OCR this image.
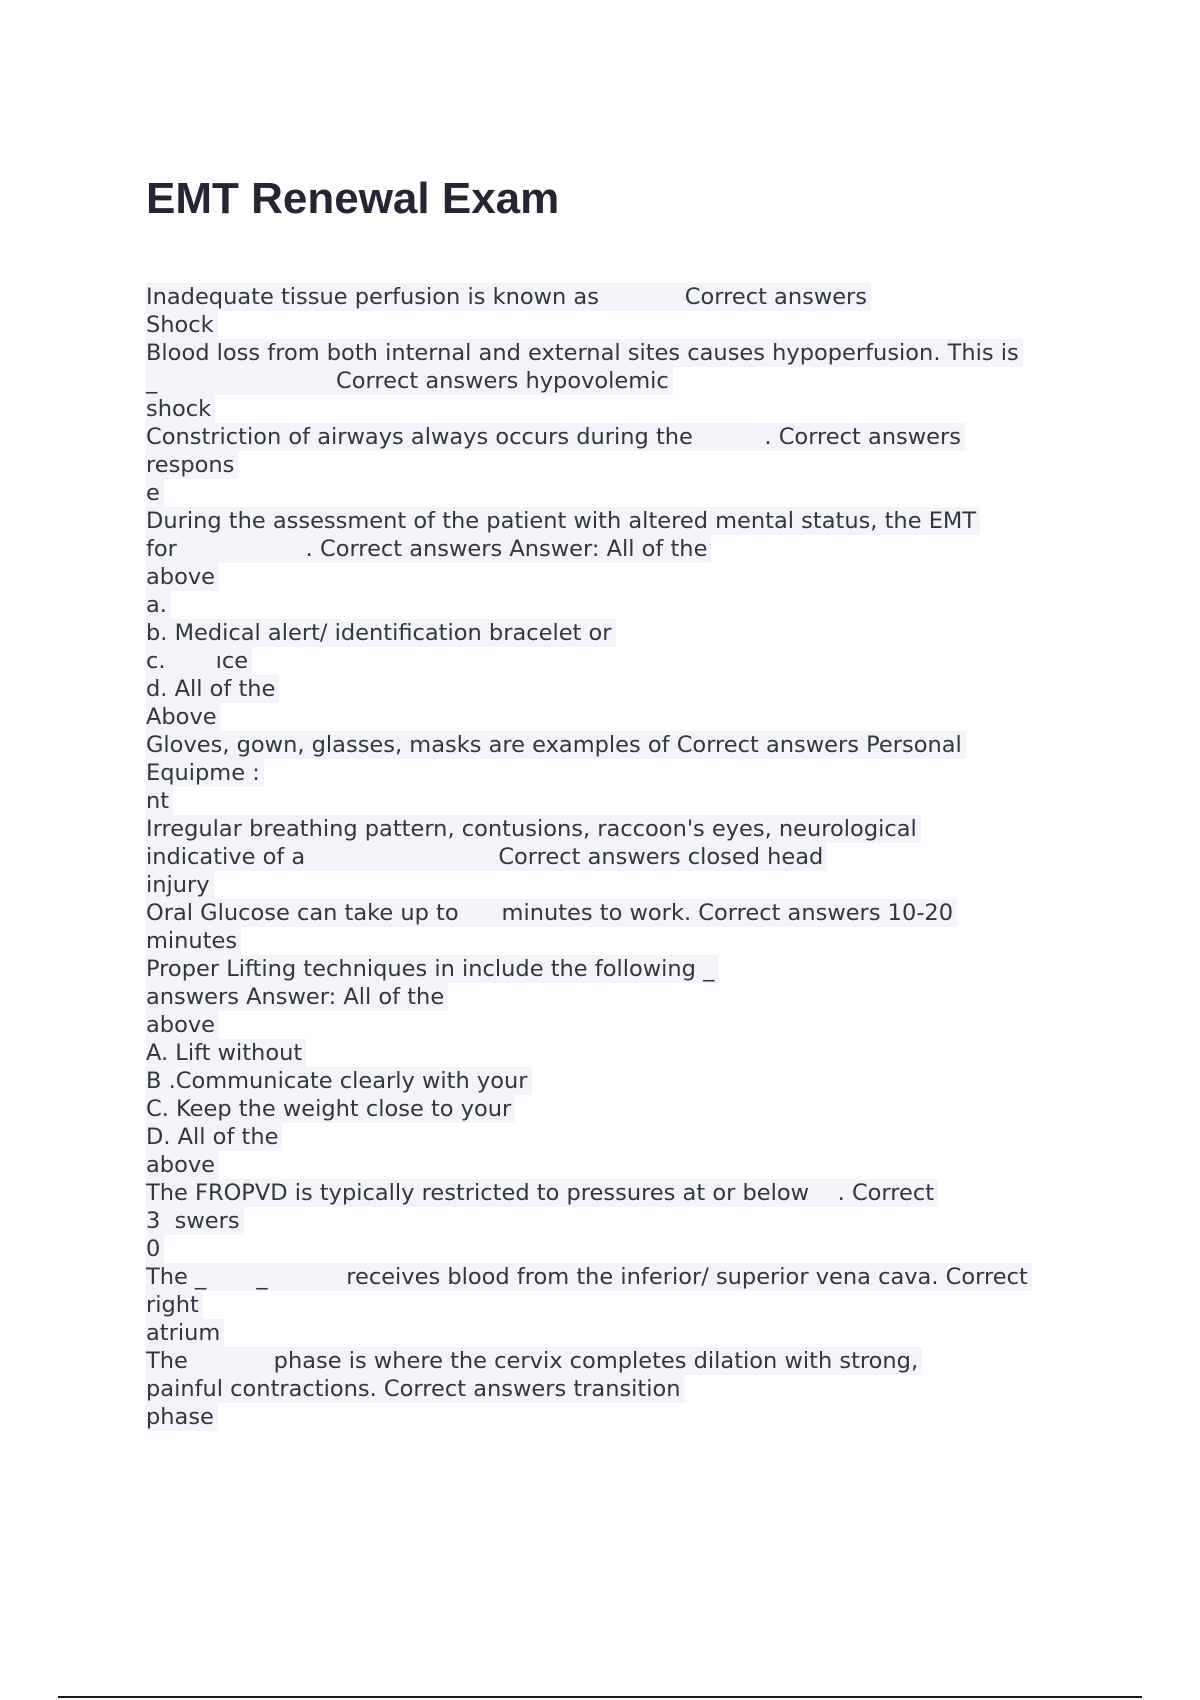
EMT Renewal Exam
Inadequate tissue perfusion is known as            Correct answers
Shock
Blood loss from both internal and external sites causes hypoperfusion. This is
_                         Correct answers hypovolemic
shock
Constriction of airways always occurs during the          . Correct answers
respons
e
During the assessment of the patient with altered mental status, the EMT
for                  . Correct answers Answer: All of the
above
a.
b. Medical alert/ identification bracelet or
c.       ıce
d. All of the
Above
Gloves, gown, glasses, masks are examples of Correct answers Personal
Equipme :
nt
Irregular breathing pattern, contusions, raccoon's eyes, neurological
indicative of a                           Correct answers closed head
injury
Oral Glucose can take up to      minutes to work. Correct answers 10-20
minutes
Proper Lifting techniques in include the following _
answers Answer: All of the
above
A. Lift without
B .Communicate clearly with your
C. Keep the weight close to your
D. All of the
above
The FROPVD is typically restricted to pressures at or below    . Correct
3  swers
0
The _       _           receives blood from the inferior/ superior vena cava. Correct
right
atrium
The            phase is where the cervix completes dilation with strong,
painful contractions. Correct answers transition
phase
